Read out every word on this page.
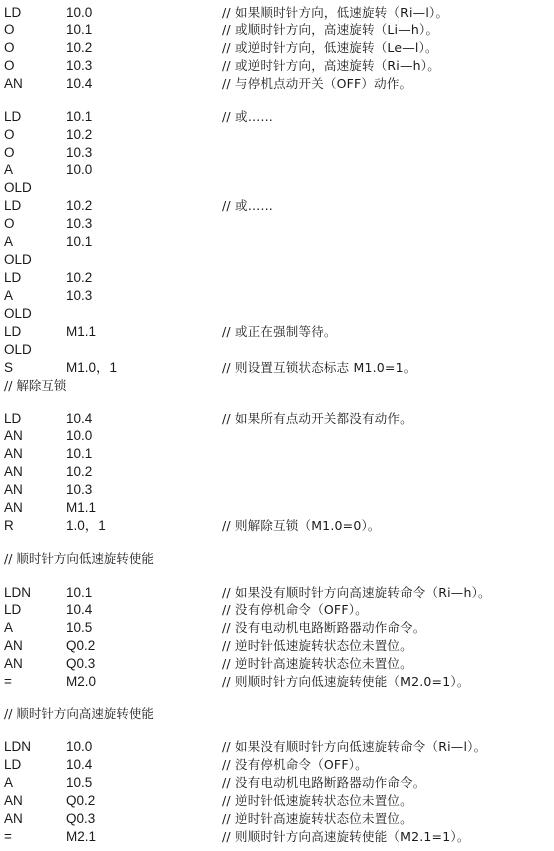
LD	10.0	// 如果顺时针方向，低速旋转（Ri—l）。
O	10.1	// 或顺时针方向，高速旋转（Li—h）。
O	10.2	// 或逆时针方向，低速旋转（Le—l）。
O	10.3	// 或逆时针方向，高速旋转（Ri—h）。
AN	10.4	// 与停机点动开关（OFF）动作。
LD	10.1	// 或……
O	10.2
O	10.3
A	10.0
OLD
LD	10.2	// 或……
O	10.3
A	10.1
OLD
LD	10.2
A	10.3
OLD
LD	M1.1	// 或正在强制等待。
OLD
S	M1.0，1	// 则设置互锁状态标志 M1.0=1。
// 解除互锁
LD	10.4	// 如果所有点动开关都没有动作。
AN	10.0
AN	10.1
AN	10.2
AN	10.3
AN	M1.1
R	1.0，1	// 则解除互锁（M1.0=0）。
// 顺时针方向低速旋转使能
LDN	10.1	// 如果没有顺时针方向高速旋转命令（Ri—h）。
LD	10.4	// 没有停机命令（OFF）。
A	10.5	// 没有电动机电路断路器动作命令。
AN	Q0.2	// 逆时针低速旋转状态位未置位。
AN	Q0.3	// 逆时针高速旋转状态位未置位。
=	M2.0	// 则顺时针方向低速旋转使能（M2.0=1）。
// 顺时针方向高速旋转使能
LDN	10.0	// 如果没有顺时针方向低速旋转命令（Ri—l）。
LD	10.4	// 没有停机命令（OFF）。
A	10.5	// 没有电动机电路断路器动作命令。
AN	Q0.2	// 逆时针低速旋转状态位未置位。
AN	Q0.3	// 逆时针高速旋转状态位未置位。
=	M2.1	// 则顺时针方向高速旋转使能（M2.1=1）。
